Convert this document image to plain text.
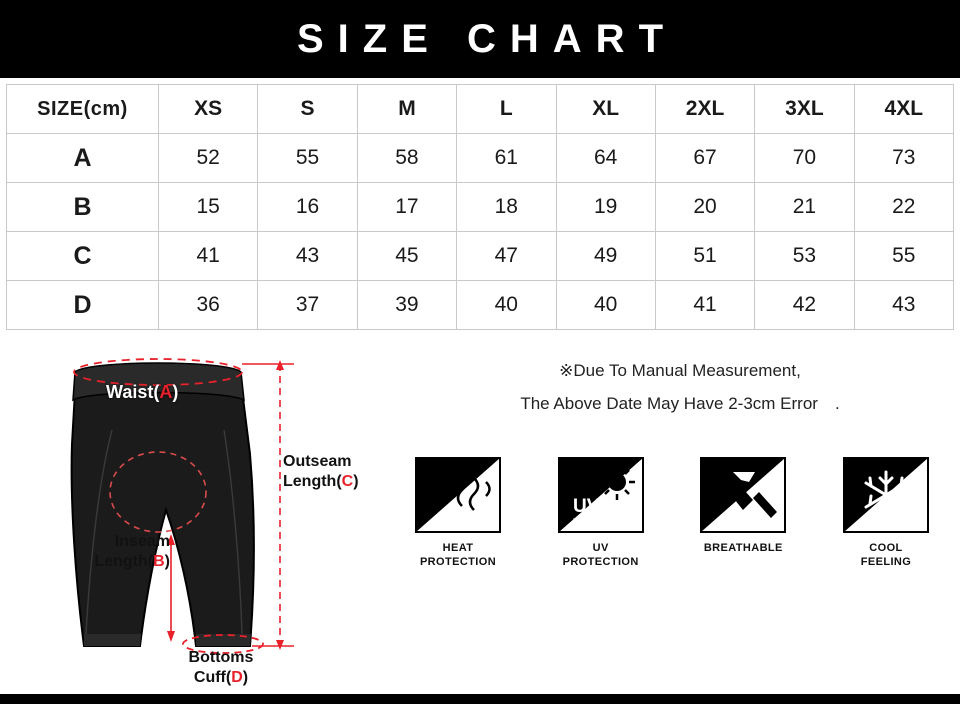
SIZE CHART
SIZE(cm)	XS	S	M	L	XL	2XL	3XL	4XL
A	52	55	58	61	64	67	70	73
B	15	16	17	18	19	20	21	22
C	41	43	45	47	49	51	53	55
D	36	37	39	40	40	41	42	43
Waist(A)
Outseam
Length(C)
Inseam
Length(B)
Bottoms
Cuff(D)
※Due To Manual Measurement,
The Above Date May Have 2-3cm Error　.
HEAT
PROTECTION
UV
UPF 30
UV
PROTECTION
BREATHABLE	COOL
FEELING
